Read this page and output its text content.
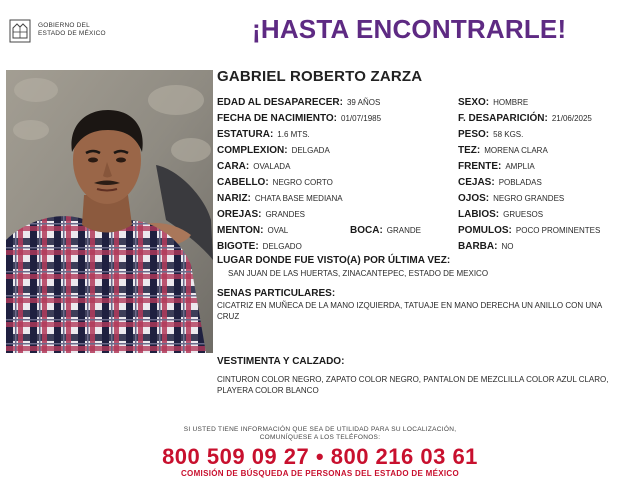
GOBIERNO DEL
ESTADO DE MÉXICO	¡HASTA ENCONTRARLE!
GABRIEL ROBERTO ZARZA
EDAD AL DESAPARECER: 39 AÑOS
FECHA DE NACIMIENTO: 01/07/1985
ESTATURA: 1.6 MTS.
COMPLEXION: DELGADA
CARA: OVALADA
CABELLO: NEGRO CORTO
NARIZ: CHATA BASE MEDIANA
OREJAS: GRANDES
MENTON: OVAL	BOCA: GRANDE
BIGOTE: DELGADO
SEXO: HOMBRE
F. DESAPARICIÓN: 21/06/2025
PESO: 58 KGS.
TEZ: MORENA CLARA
FRENTE: AMPLIA
CEJAS: POBLADAS
OJOS: NEGRO GRANDES
LABIOS: GRUESOS
POMULOS: POCO PROMINENTES
BARBA: NO
LUGAR DONDE FUE VISTO(A) POR ÚLTIMA VEZ:
SAN JUAN DE LAS HUERTAS, ZINACANTEPEC, ESTADO DE MEXICO
SENAS PARTICULARES:
CICATRIZ EN MUÑECA DE LA MANO IZQUIERDA, TATUAJE EN MANO DERECHA UN ANILLO CON UNA CRUZ
VESTIMENTA Y CALZADO:
CINTURON COLOR NEGRO, ZAPATO COLOR NEGRO, PANTALON DE MEZCLILLA COLOR AZUL CLARO, PLAYERA COLOR BLANCO
SI USTED TIENE INFORMACIÓN QUE SEA DE UTILIDAD PARA SU LOCALIZACIÓN,
COMUNÍQUESE A LOS TELÉFONOS:
800 509 09 27 • 800 216 03 61
COMISIÓN DE BÚSQUEDA DE PERSONAS DEL ESTADO DE MÉXICO
